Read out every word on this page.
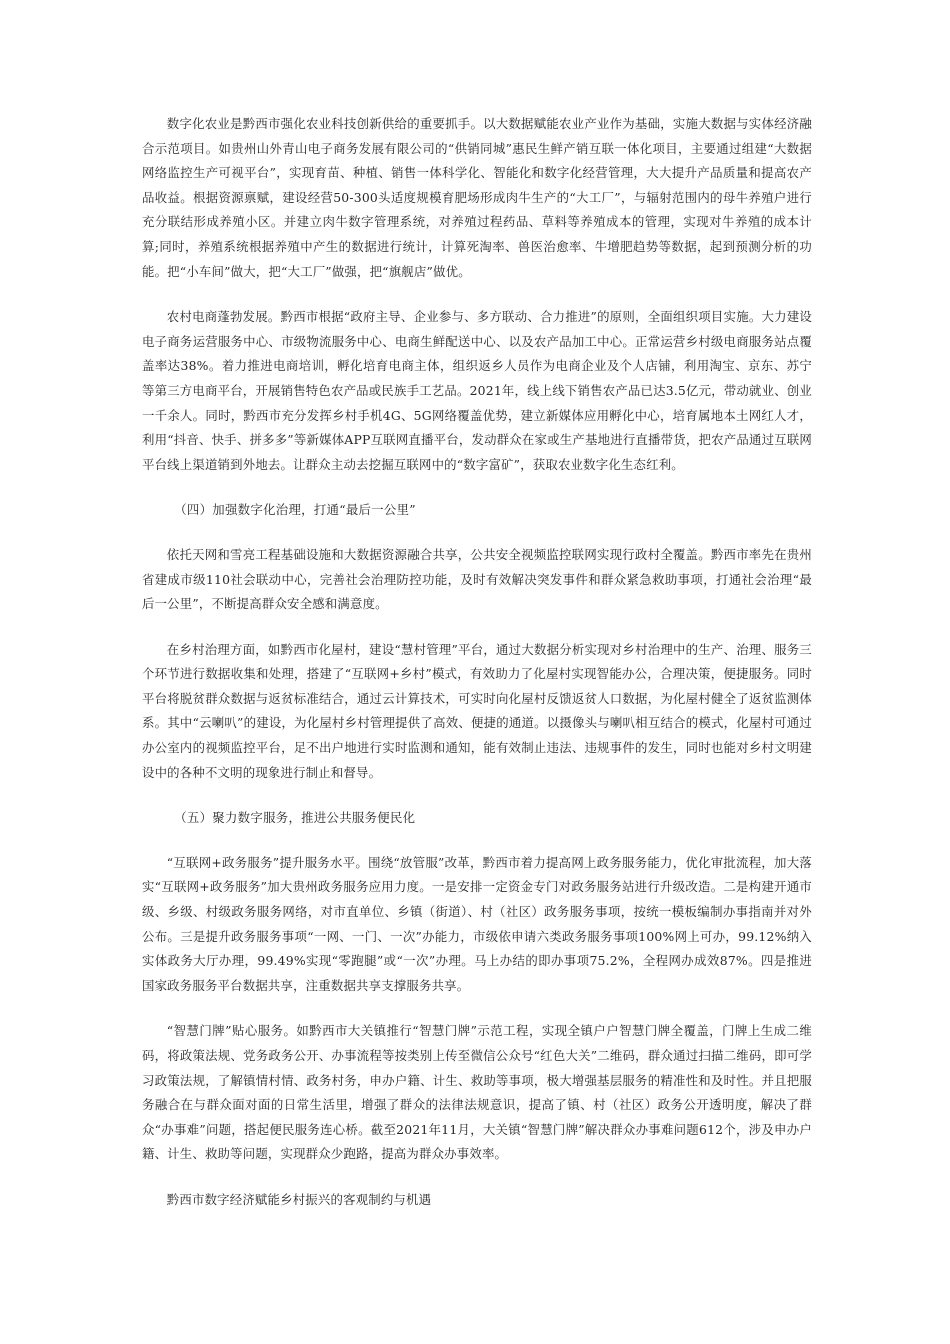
数字化农业是黔西市强化农业科技创新供给的重要抓手。以大数据赋能农业产业作为基础，实施大数据与实体经济融合示范项目。如贵州山外青山电子商务发展有限公司的“供销同城”惠民生鲜产销互联一体化项目，主要通过组建“大数据网络监控生产可视平台”，实现育苗、种植、销售一体科学化、智能化和数字化经营管理，大大提升产品质量和提高农产品收益。根据资源禀赋，建设经营50-300头适度规模育肥场形成肉牛生产的“大工厂”，与辐射范围内的母牛养殖户进行充分联结形成养殖小区。并建立肉牛数字管理系统，对养殖过程药品、草料等养殖成本的管理，实现对牛养殖的成本计算;同时，养殖系统根据养殖中产生的数据进行统计，计算死淘率、兽医治愈率、牛增肥趋势等数据，起到预测分析的功能。把“小车间”做大，把“大工厂”做强，把“旗舰店”做优。

农村电商蓬勃发展。黔西市根据“政府主导、企业参与、多方联动、合力推进”的原则，全面组织项目实施。大力建设电子商务运营服务中心、市级物流服务中心、电商生鲜配送中心、以及农产品加工中心。正常运营乡村级电商服务站点覆盖率达38%。着力推进电商培训，孵化培育电商主体，组织返乡人员作为电商企业及个人店铺，利用淘宝、京东、苏宁等第三方电商平台，开展销售特色农产品或民族手工艺品。2021年，线上线下销售农产品已达3.5亿元，带动就业、创业一千余人。同时，黔西市充分发挥乡村手机4G、5G网络覆盖优势，建立新媒体应用孵化中心，培育属地本土网红人才，利用“抖音、快手、拼多多”等新媒体APP互联网直播平台，发动群众在家或生产基地进行直播带货，把农产品通过互联网平台线上渠道销到外地去。让群众主动去挖掘互联网中的“数字富矿”，获取农业数字化生态红利。

（四）加强数字化治理，打通“最后一公里”

依托天网和雪亮工程基础设施和大数据资源融合共享，公共安全视频监控联网实现行政村全覆盖。黔西市率先在贵州省建成市级110社会联动中心，完善社会治理防控功能，及时有效解决突发事件和群众紧急救助事项，打通社会治理“最后一公里”，不断提高群众安全感和满意度。

在乡村治理方面，如黔西市化屋村，建设“慧村管理”平台，通过大数据分析实现对乡村治理中的生产、治理、服务三个环节进行数据收集和处理，搭建了“互联网+乡村”模式，有效助力了化屋村实现智能办公，合理决策，便捷服务。同时平台将脱贫群众数据与返贫标准结合，通过云计算技术，可实时向化屋村反馈返贫人口数据，为化屋村健全了返贫监测体系。其中“云喇叭”的建设，为化屋村乡村管理提供了高效、便捷的通道。以摄像头与喇叭相互结合的模式，化屋村可通过办公室内的视频监控平台，足不出户地进行实时监测和通知，能有效制止违法、违规事件的发生，同时也能对乡村文明建设中的各种不文明的现象进行制止和督导。

（五）聚力数字服务，推进公共服务便民化

“互联网+政务服务”提升服务水平。围绕“放管服”改革，黔西市着力提高网上政务服务能力，优化审批流程，加大落实“互联网+政务服务”加大贵州政务服务应用力度。一是安排一定资金专门对政务服务站进行升级改造。二是构建开通市级、乡级、村级政务服务网络，对市直单位、乡镇（街道）、村（社区）政务服务事项，按统一模板编制办事指南并对外公布。三是提升政务服务事项“一网、一门、一次”办能力，市级依申请六类政务服务事项100%网上可办，99.12%纳入实体政务大厅办理，99.49%实现“零跑腿”或“一次”办理。马上办结的即办事项75.2%，全程网办成效87%。四是推进国家政务服务平台数据共享，注重数据共享支撑服务共享。

“智慧门牌”贴心服务。如黔西市大关镇推行“智慧门牌”示范工程，实现全镇户户智慧门牌全覆盖，门牌上生成二维码，将政策法规、党务政务公开、办事流程等按类别上传至微信公众号“红色大关”二维码，群众通过扫描二维码，即可学习政策法规，了解镇情村情、政务村务，申办户籍、计生、救助等事项，极大增强基层服务的精准性和及时性。并且把服务融合在与群众面对面的日常生活里，增强了群众的法律法规意识，提高了镇、村（社区）政务公开透明度，解决了群众“办事难”问题，搭起便民服务连心桥。截至2021年11月，大关镇“智慧门牌”解决群众办事难问题612个，涉及申办户籍、计生、救助等问题，实现群众少跑路，提高为群众办事效率。

黔西市数字经济赋能乡村振兴的客观制约与机遇
